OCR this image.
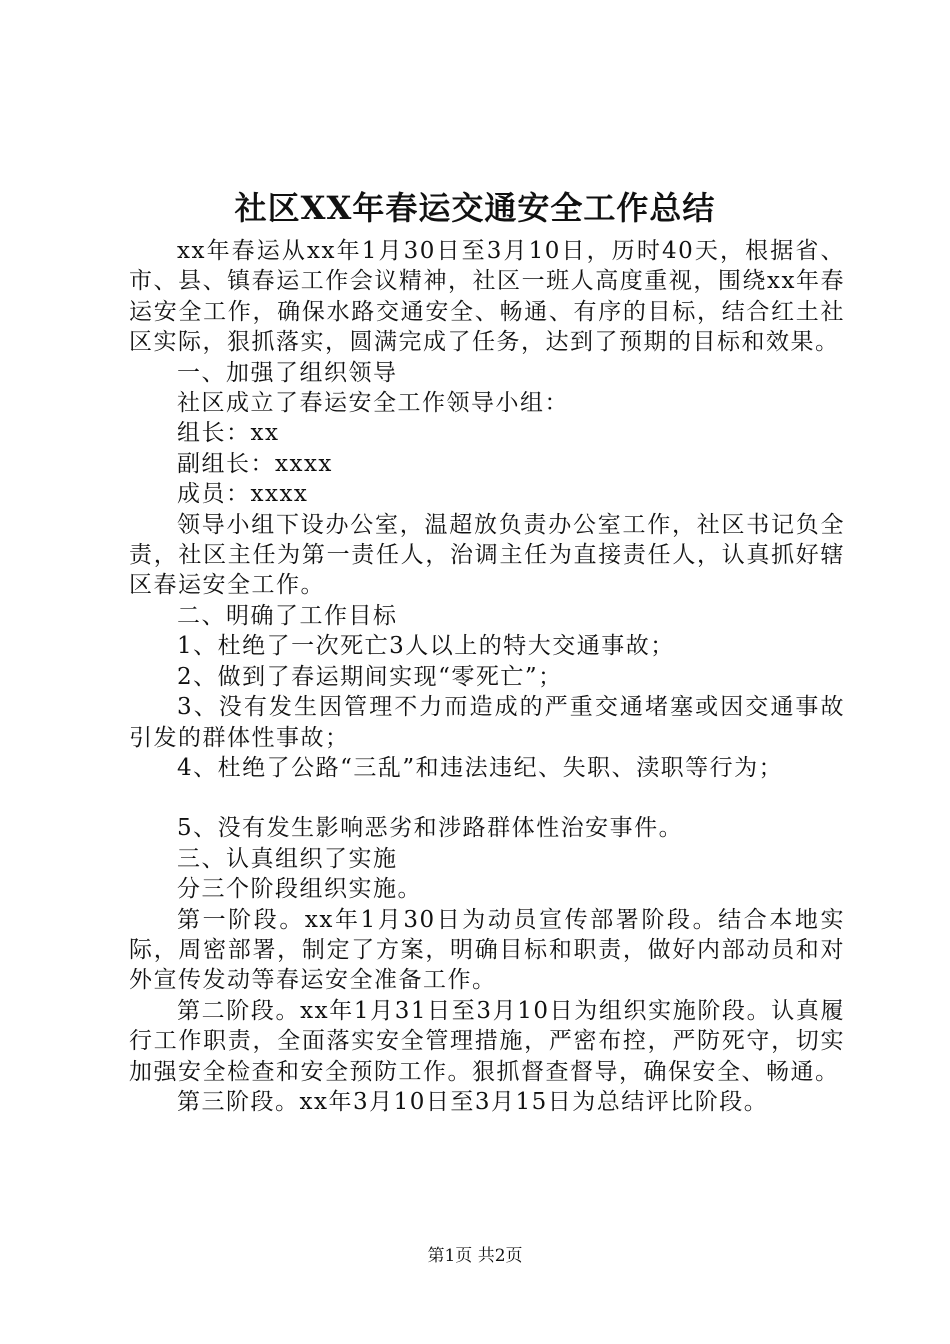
社区XX年春运交通安全工作总结

xx年春运从xx年1月30日至3月10日，历时40天，根据省、市、县、镇春运工作会议精神，社区一班人高度重视，围绕xx年春运安全工作，确保水路交通安全、畅通、有序的目标，结合红土社区实际，狠抓落实，圆满完成了任务，达到了预期的目标和效果。

一、加强了组织领导

社区成立了春运安全工作领导小组：

组长：xx

副组长：xxxx

成员：xxxx

领导小组下设办公室，温超放负责办公室工作，社区书记负全责，社区主任为第一责任人，治调主任为直接责任人，认真抓好辖区春运安全工作。

二、明确了工作目标

1、杜绝了一次死亡3人以上的特大交通事故；

2、做到了春运期间实现“零死亡”；

3、没有发生因管理不力而造成的严重交通堵塞或因交通事故引发的群体性事故；

4、杜绝了公路“三乱”和违法违纪、失职、渎职等行为；

5、没有发生影响恶劣和涉路群体性治安事件。

三、认真组织了实施

分三个阶段组织实施。

第一阶段。xx年1月30日为动员宣传部署阶段。结合本地实际，周密部署，制定了方案，明确目标和职责，做好内部动员和对外宣传发动等春运安全准备工作。

第二阶段。xx年1月31日至3月10日为组织实施阶段。认真履行工作职责，全面落实安全管理措施，严密布控，严防死守，切实加强安全检查和安全预防工作。狠抓督查督导，确保安全、畅通。

第三阶段。xx年3月10日至3月15日为总结评比阶段。

第1页 共2页
